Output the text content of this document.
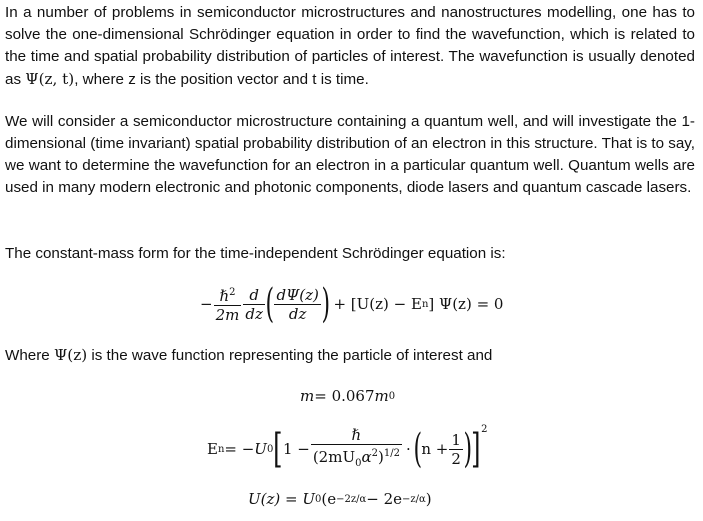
In a number of problems in semiconductor microstructures and nanostructures modelling, one has to solve the one-dimensional Schrödinger equation in order to find the wavefunction, which is related to the time and spatial probability distribution of particles of interest. The wavefunction is usually denoted as Ψ(z, t), where z is the position vector and t is time.
We will consider a semiconductor microstructure containing a quantum well, and will investigate the 1-dimensional (time invariant) spatial probability distribution of an electron in this structure. That is to say, we want to determine the wavefunction for an electron in a particular quantum well. Quantum wells are used in many modern electronic and photonic components, diode lasers and quantum cascade lasers.
The constant-mass form for the time-independent Schrödinger equation is:
− $\frac{\hbar^2}{2m} \frac{d}{dz}$ ( $\frac{d\Psi(z)}{dz}$ ) + [U(z) − E n ] Ψ(z) = 0
Where Ψ(z) is the wave function representing the particle of interest and
m = 0.067 m 0
E n = −U 0 [ $1 - \frac{\text{ℏ}}{(2mU_0\alpha^2)^{1/2}}$ · ( $n + \frac{1}{2}$ ) ]$^2$
U(z) = U 0 (e −2z/α − 2e −z/α )
